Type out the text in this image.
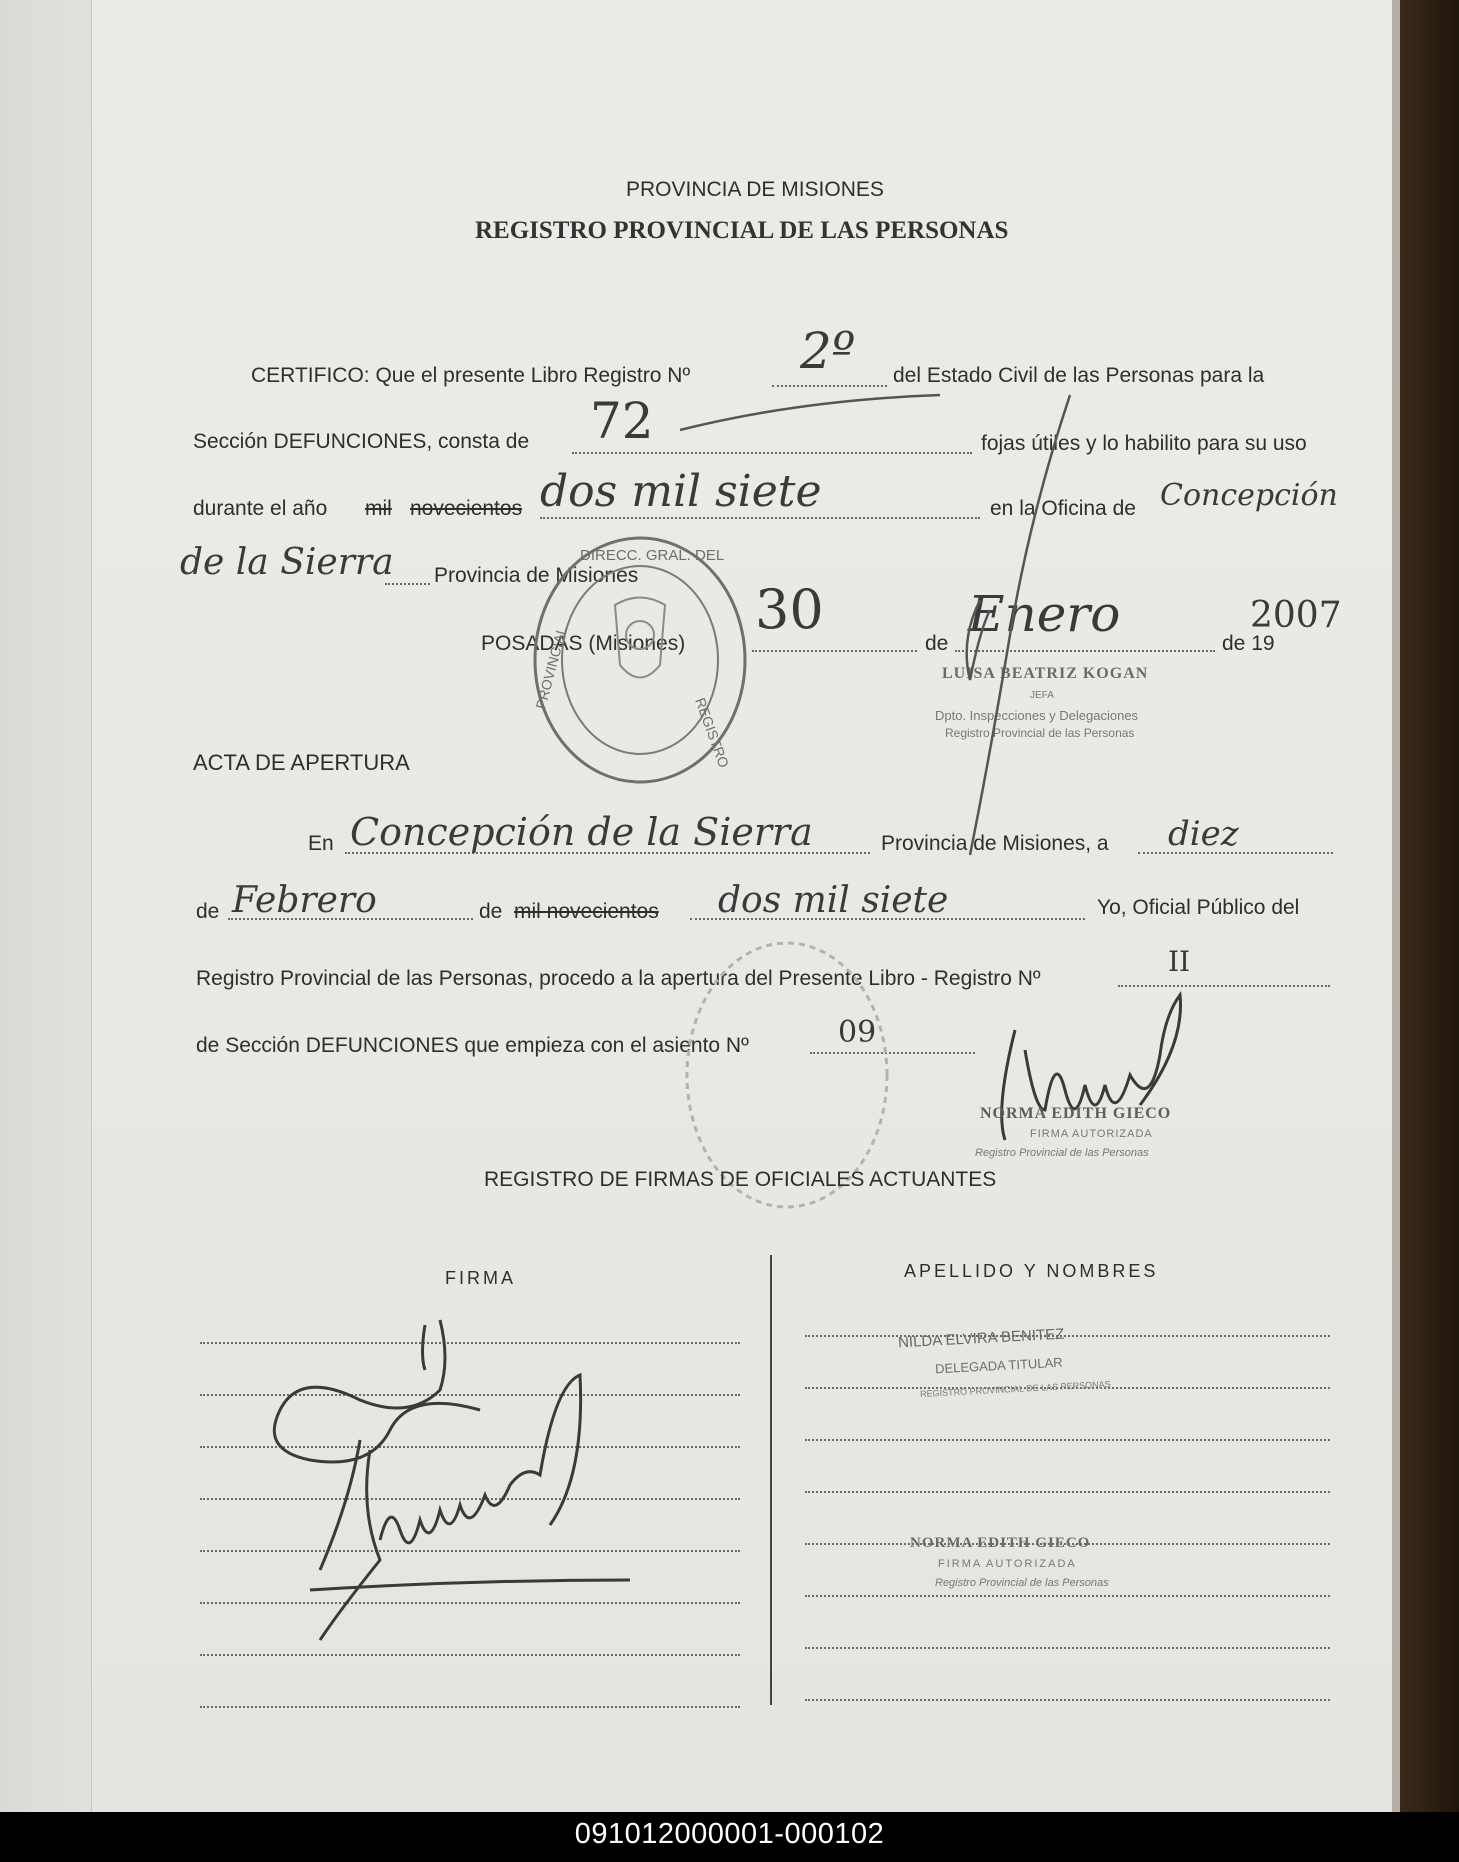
PROVINCIA DE MISIONES
REGISTRO PROVINCIAL DE LAS PERSONAS
CERTIFICO: Que el presente Libro Registro Nº 2º del Estado Civil de las Personas para la
Sección DEFUNCIONES, consta de 72	fojas útiles y lo habilito para su uso
durante el año mil novecientos dos mil siete	en la Oficina de Concepción
de la Sierra Provincia de Misiones
POSADAS (Misiones)
30
de
Enero
de 19
2007
DIRECC. GRAL. DEL
REGISTRO
PROVINCIAL	LUISA BEATRIZ KOGAN
JEFA
Dpto. Inspecciones y Delegaciones
Registro Provincial de las Personas
ACTA DE APERTURA
En Concepción de la Sierra	Provincia de Misiones, a diez
de Febrero	de mil novecientos dos mil siete	Yo, Oficial Público del
Registro Provincial de las Personas, procedo a la apertura del Presente Libro - Registro Nº
II
de Sección DEFUNCIONES que empieza con el asiento Nº	09
NORMA EDITH GIECO
FIRMA AUTORIZADA
Registro Provincial de las Personas
REGISTRO DE FIRMAS DE OFICIALES ACTUANTES
FIRMA	APELLIDO Y NOMBRES
NILDA ELVIRA BENITEZ
DELEGADA TITULAR
REGISTRO PROVINCIAL DE LAS PERSONAS
NORMA EDITH GIECO
FIRMA AUTORIZADA
Registro Provincial de las Personas
091012000001-000102
